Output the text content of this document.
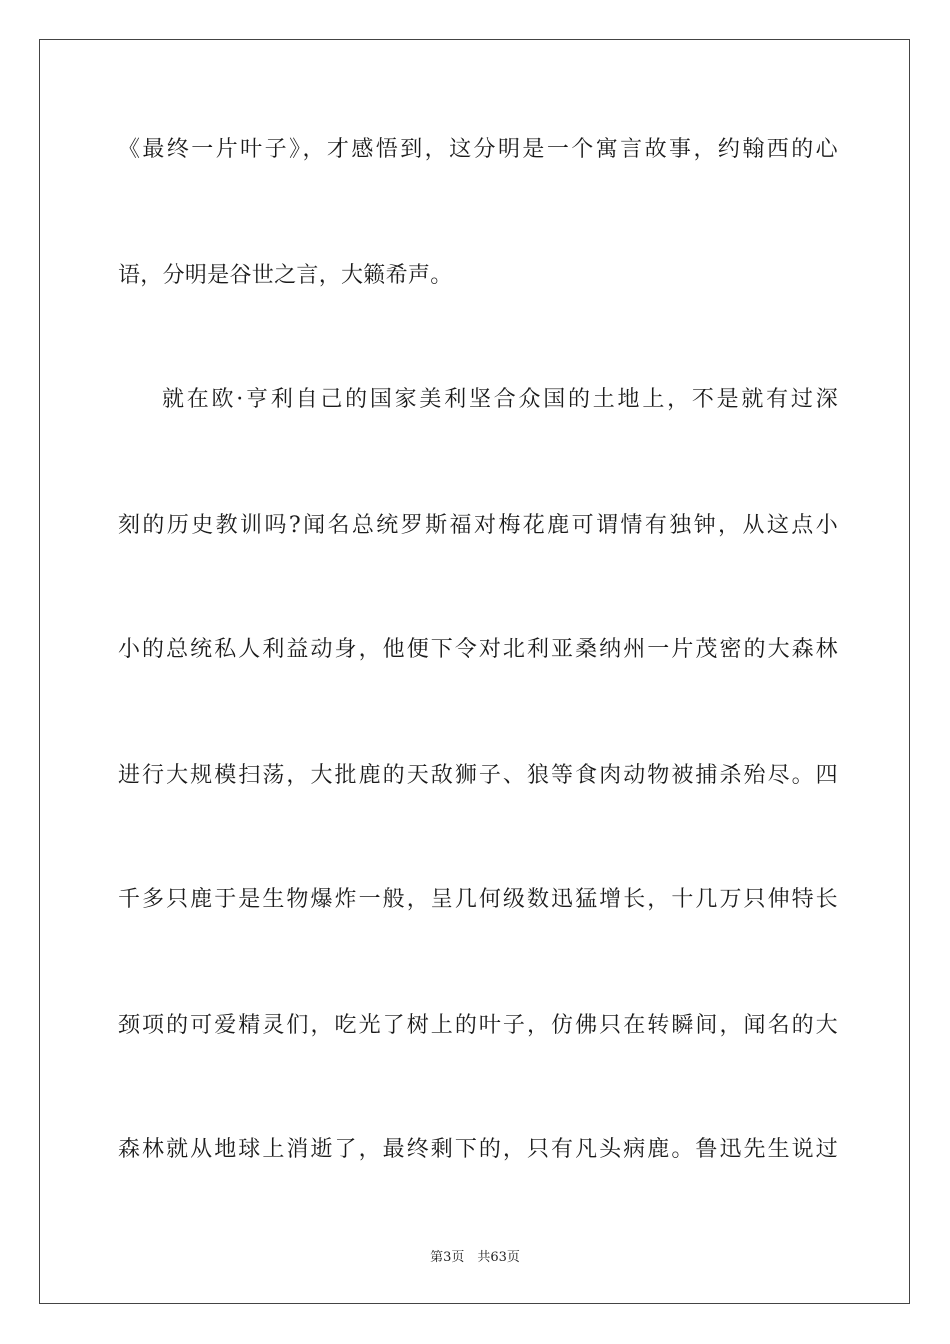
《最终一片叶子》，才感悟到，这分明是一个寓言故事，约翰西的心
语，分明是谷世之言，大籁希声。
就在欧·亨利自己的国家美利坚合众国的土地上，不是就有过深
刻的历史教训吗?闻名总统罗斯福对梅花鹿可谓情有独钟，从这点小
小的总统私人利益动身，他便下令对北利亚桑纳州一片茂密的大森林
进行大规模扫荡，大批鹿的天敌狮子、狼等食肉动物被捕杀殆尽。四
千多只鹿于是生物爆炸一般，呈几何级数迅猛增长，十几万只伸特长
颈项的可爱精灵们，吃光了树上的叶子，仿佛只在转瞬间，闻名的大
森林就从地球上消逝了，最终剩下的，只有凡头病鹿。鲁迅先生说过
第3页　共63页
